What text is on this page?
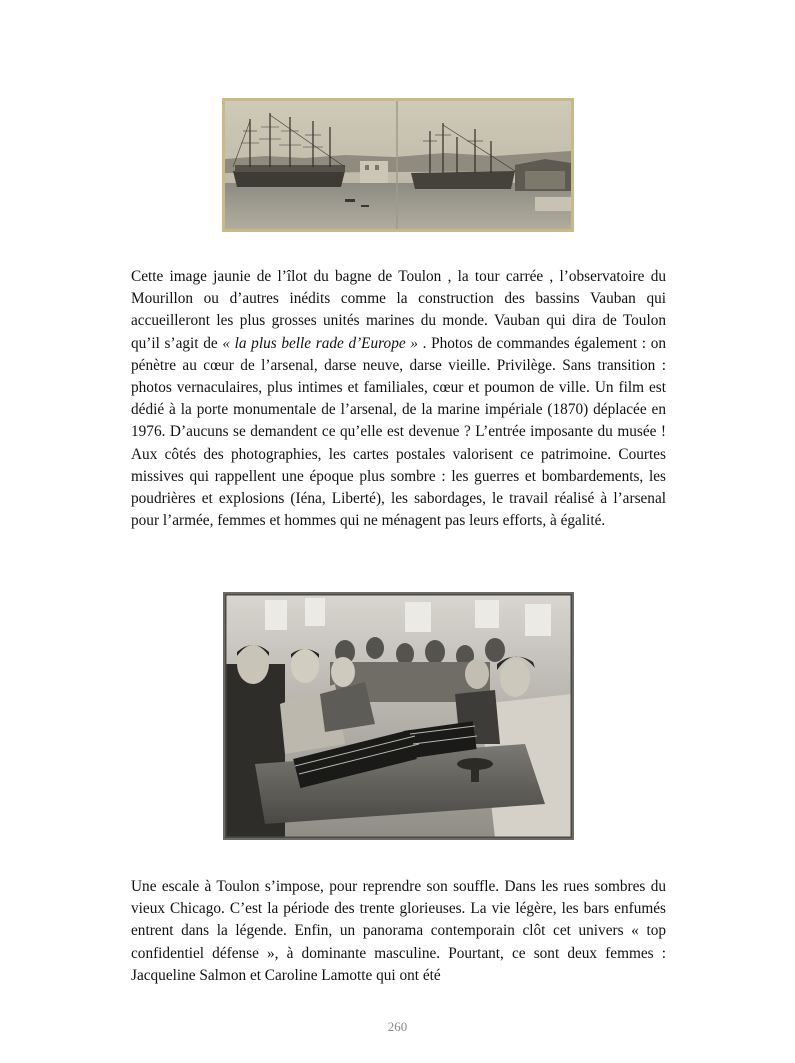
Cette image jaunie de l’îlot du bagne de Toulon , la tour carrée , l’observatoire du Mourillon ou d’autres inédits comme la construction des bassins Vauban qui accueilleront les plus grosses unités marines du monde. Vauban qui dira de Toulon qu’il s’agit de « la plus belle rade d’Europe » . Photos de commandes également : on pénètre au cœur de l’arsenal, darse neuve, darse vieille. Privilège. Sans transition : photos vernaculaires, plus intimes et familiales, cœur et poumon de ville. Un film est dédié à la porte monumentale de l’arsenal, de la marine impériale (1870) déplacée en 1976. D’aucuns se demandent ce qu’elle est devenue ? L’entrée imposante du musée ! Aux côtés des photographies, les cartes postales valorisent ce patrimoine. Courtes missives qui rappellent une époque plus sombre : les guerres et bombardements, les poudrières et explosions (Iéna, Liberté), les sabordages, le travail réalisé à l’arsenal pour l’armée, femmes et hommes qui ne ménagent pas leurs efforts, à égalité.

Une escale à Toulon s’impose, pour reprendre son souffle. Dans les rues sombres du vieux Chicago. C’est la période des trente glorieuses. La vie légère, les bars enfumés entrent dans la légende. Enfin, un panorama contemporain clôt cet univers « top confidentiel défense », à dominante masculine. Pourtant, ce sont deux femmes : Jacqueline Salmon et Caroline Lamotte qui ont été

260
